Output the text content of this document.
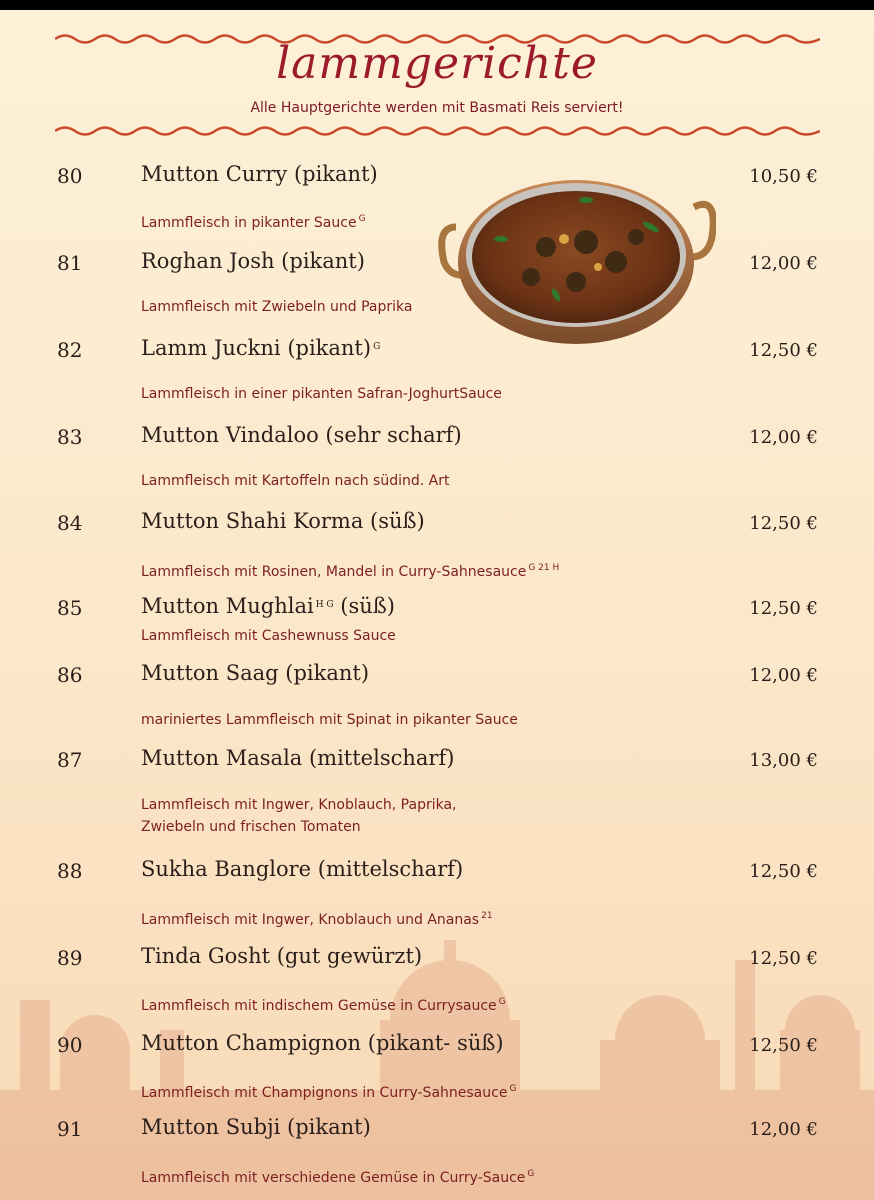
lammgerichte
Alle Hauptgerichte werden mit Basmati Reis serviert!
80	Mutton Curry (pikant)	10,50 €
Lammfleisch in pikanter Sauce $^G$
81	Roghan Josh (pikant)	12,00 €
Lammfleisch mit Zwiebeln und Paprika
82	Lamm Juckni (pikant) $^G$	12,50 €
Lammfleisch in einer pikanten Safran-JoghurtSauce
83	Mutton Vindaloo (sehr scharf)	12,00 €
Lammfleisch mit Kartoffeln nach südind. Art
84	Mutton Shahi Korma (süß)	12,50 €
Lammfleisch mit Rosinen, Mandel in Curry-Sahnesauce $^{G 21 H}$
85	Mutton Mughlai $^{H G}$ (süß)	12,50 €
Lammfleisch mit Cashewnuss Sauce
86	Mutton Saag (pikant)	12,00 €
mariniertes Lammfleisch mit Spinat in pikanter Sauce
87	Mutton Masala (mittelscharf)	13,00 €
Lammfleisch mit Ingwer, Knoblauch, Paprika,
Zwiebeln und frischen Tomaten
88	Sukha Banglore (mittelscharf)	12,50 €
Lammfleisch mit Ingwer, Knoblauch und Ananas $^{21}$
89	Tinda Gosht (gut gewürzt)	12,50 €
Lammfleisch mit indischem Gemüse in Currysauce $^G$
90	Mutton Champignon (pikant- süß)	12,50 €
Lammfleisch mit Champignons in Curry-Sahnesauce $^G$
91	Mutton Subji (pikant)	12,00 €
Lammfleisch mit verschiedene Gemüse in Curry-Sauce $^G$
